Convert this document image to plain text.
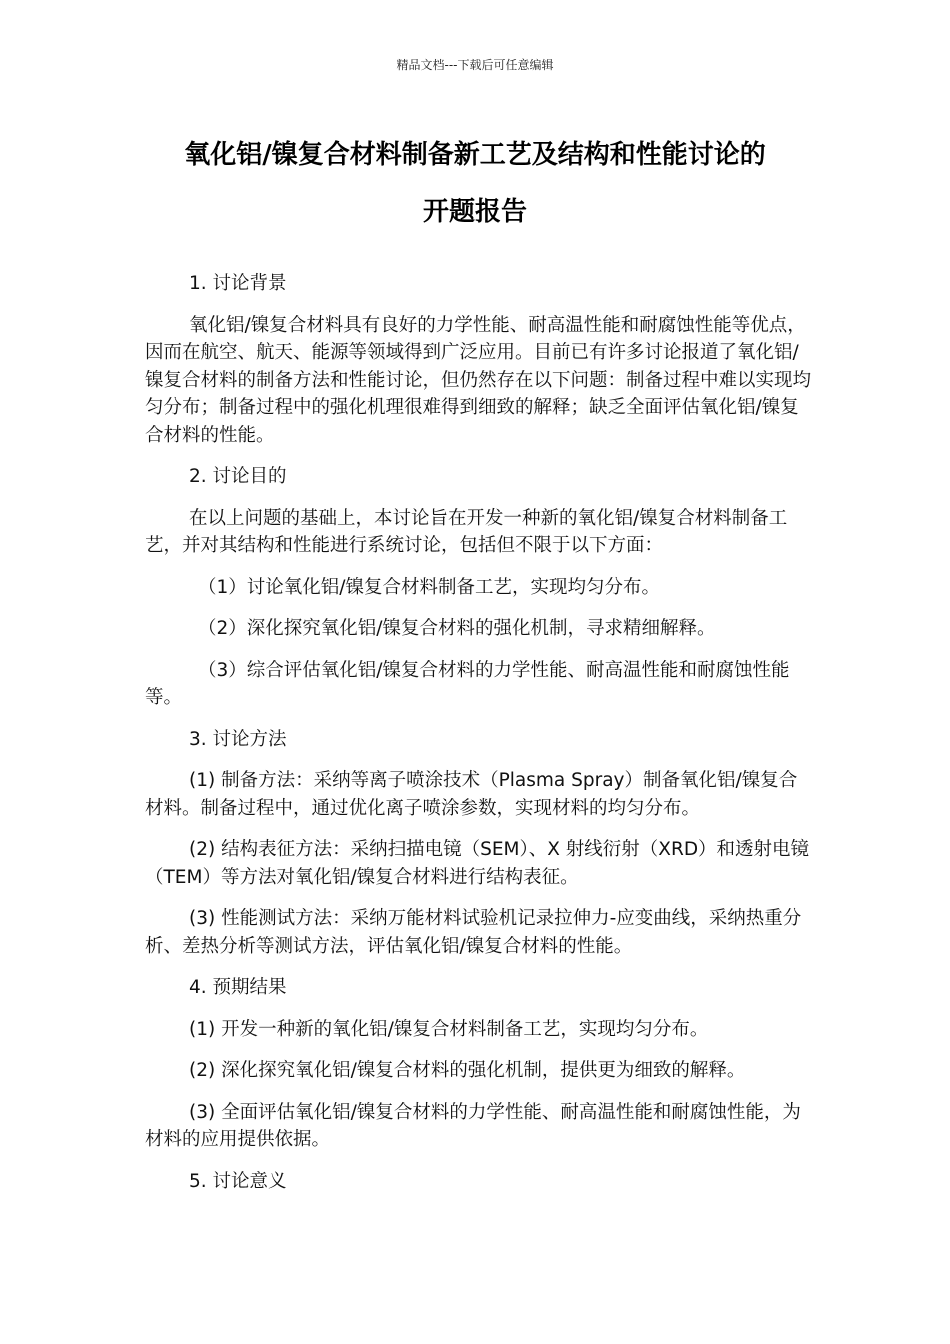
精品文档---下载后可任意编辑
氧化铝/镍复合材料制备新工艺及结构和性能讨论的
开题报告

1. 讨论背景

氧化铝/镍复合材料具有良好的力学性能、耐高温性能和耐腐蚀性能等优点，因而在航空、航天、能源等领域得到广泛应用。目前已有许多讨论报道了氧化铝/镍复合材料的制备方法和性能讨论，但仍然存在以下问题：制备过程中难以实现均匀分布；制备过程中的强化机理很难得到细致的解释；缺乏全面评估氧化铝/镍复合材料的性能。

2. 讨论目的

在以上问题的基础上，本讨论旨在开发一种新的氧化铝/镍复合材料制备工艺，并对其结构和性能进行系统讨论，包括但不限于以下方面：

（1）讨论氧化铝/镍复合材料制备工艺，实现均匀分布。

（2）深化探究氧化铝/镍复合材料的强化机制，寻求精细解释。

（3）综合评估氧化铝/镍复合材料的力学性能、耐高温性能和耐腐蚀性能等。

3. 讨论方法

(1) 制备方法：采纳等离子喷涂技术（Plasma Spray）制备氧化铝/镍复合材料。制备过程中，通过优化离子喷涂参数，实现材料的均匀分布。

(2) 结构表征方法：采纳扫描电镜（SEM）、X 射线衍射（XRD）和透射电镜（TEM）等方法对氧化铝/镍复合材料进行结构表征。

(3) 性能测试方法：采纳万能材料试验机记录拉伸力-应变曲线，采纳热重分析、差热分析等测试方法，评估氧化铝/镍复合材料的性能。

4. 预期结果

(1) 开发一种新的氧化铝/镍复合材料制备工艺，实现均匀分布。

(2) 深化探究氧化铝/镍复合材料的强化机制，提供更为细致的解释。

(3) 全面评估氧化铝/镍复合材料的力学性能、耐高温性能和耐腐蚀性能，为材料的应用提供依据。

5. 讨论意义
